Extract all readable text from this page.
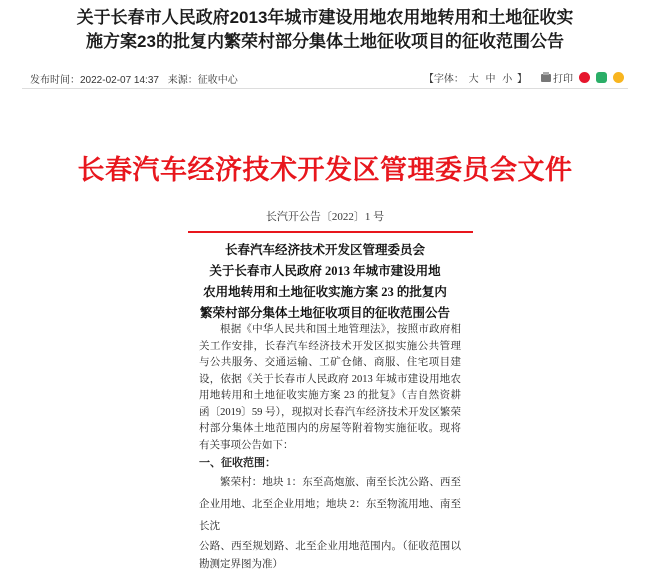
关于长春市人民政府2013年城市建设用地农用地转用和土地征收实
施方案23的批复内繁荣村部分集体土地征收项目的征收范围公告
发布时间：2022-02-07 14:37 来源：征收中心	【字体： 大 中 小 】	打印
长春汽车经济技术开发区管理委员会文件
长汽开公告〔2022〕1 号
长春汽车经济技术开发区管理委员会
关于长春市人民政府 2013 年城市建设用地
农用地转用和土地征收实施方案 23 的批复内
繁荣村部分集体土地征收项目的征收范围公告

根据《中华人民共和国土地管理法》，按照市政府相关工作安排，长春汽车经济技术开发区拟实施公共管理与公共服务、交通运输、工矿仓储、商服、住宅项目建设，依据《关于长春市人民政府 2013 年城市建设用地农用地转用和土地征收实施方案 23 的批复》（吉自然资耕函〔2019〕59 号），现拟对长春汽车经济技术开发区繁荣村部分集体土地范围内的房屋等附着物实施征收。现将有关事项公告如下：

一、征收范围：

繁荣村：地块 1：东至高炮旅、南至长沈公路、西至企业用地、北至企业用地；地块 2：东至物流用地、南至长沈

公路、西至规划路、北至企业用地范围内。（征收范围以勘测定界图为准）
